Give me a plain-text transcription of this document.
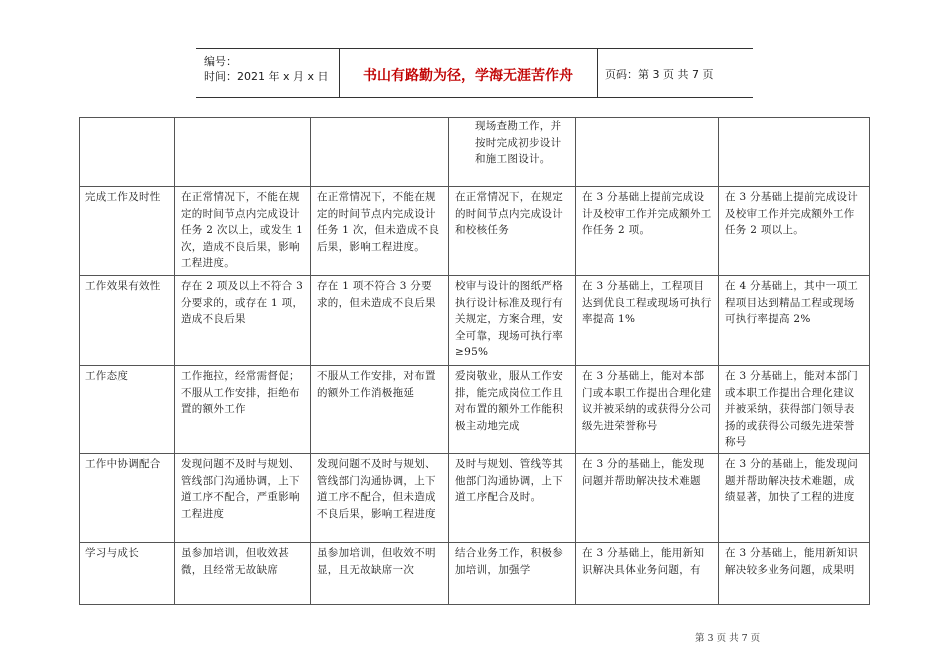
编号：
时间：2021 年 x 月 x 日	书山有路勤为径，学海无涯苦作舟	页码：第 3 页 共 7 页
			现场查勘工作，并按时完成初步设计和施工图设计。		
完成工作及时性	在正常情况下，不能在规定的时间节点内完成设计任务 2 次以上，或发生 1 次，造成不良后果，影响工程进度。	在正常情况下，不能在规定的时间节点内完成设计任务 1 次，但未造成不良后果，影响工程进度。	在正常情况下，在规定的时间节点内完成设计和校核任务	在 3 分基础上提前完成设计及校审工作并完成额外工作任务 2 项。	在 3 分基础上提前完成设计及校审工作并完成额外工作任务 2 项以上。
工作效果有效性	存在 2 项及以上不符合 3 分要求的，或存在 1 项，造成不良后果	存在 1 项不符合 3 分要求的，但未造成不良后果	校审与设计的图纸严格执行设计标准及现行有关规定，方案合理，安全可靠，现场可执行率≥95%	在 3 分基础上，工程项目达到优良工程或现场可执行率提高 1%	在 4 分基础上，其中一项工程项目达到精品工程或现场可执行率提高 2%
工作态度	工作拖拉，经常需督促；不服从工作安排，拒绝布置的额外工作	不服从工作安排，对布置的额外工作消极拖延	爱岗敬业，服从工作安排，能完成岗位工作且对布置的额外工作能积极主动地完成	在 3 分基础上，能对本部门或本职工作提出合理化建议并被采纳的或获得分公司级先进荣誉称号	在 3 分基础上，能对本部门或本职工作提出合理化建议并被采纳，获得部门领导表扬的或获得公司级先进荣誉称号
工作中协调配合	发现问题不及时与规划、管线部门沟通协调，上下道工序不配合，严重影响工程进度	发现问题不及时与规划、管线部门沟通协调，上下道工序不配合，但未造成不良后果，影响工程进度	及时与规划、管线等其他部门沟通协调，上下道工序配合及时。	在 3 分的基础上，能发现问题并帮助解决技术难题	在 3 分的基础上，能发现问题并帮助解决技术难题，成绩显著，加快了工程的进度
学习与成长	虽参加培训，但收效甚微，且经常无故缺席	虽参加培训，但收效不明显，且无故缺席一次	结合业务工作，积极参加培训，加强学	在 3 分基础上，能用新知识解决具体业务问题，有	在 3 分基础上，能用新知识解决较多业务问题，成果明
第 3 页 共 7 页
